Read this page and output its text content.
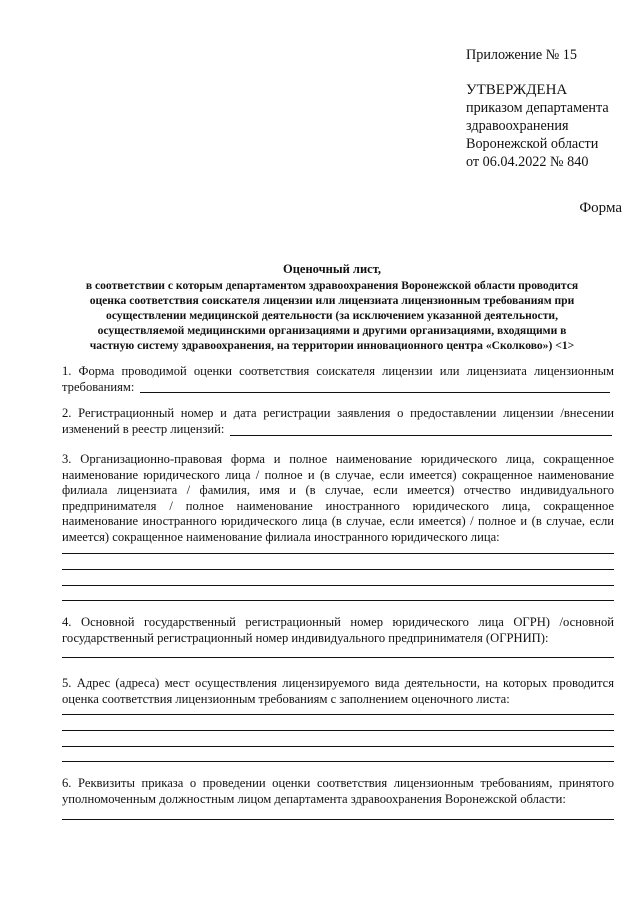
Приложение № 15
УТВЕРЖДЕНА
приказом департамента
здравоохранения
Воронежской области
от 06.04.2022 № 840
Форма
Оценочный лист,
в соответствии с которым департаментом здравоохранения Воронежской области проводится
оценка соответствия соискателя лицензии или лицензиата лицензионным требованиям при
осуществлении медицинской деятельности (за исключением указанной деятельности,
осуществляемой медицинскими организациями и другими организациями, входящими в
частную систему здравоохранения, на территории инновационного центра «Сколково») <1>

1. Форма проводимой оценки соответствия соискателя лицензии или лицензиата лицензионным требованиям:

2. Регистрационный номер и дата регистрации заявления о предоставлении лицензии /внесении изменений в реестр лицензий:

3. Организационно-правовая форма и полное наименование юридического лица, сокращенное наименование юридического лица / полное и (в случае, если имеется) сокращенное наименование филиала лицензиата / фамилия, имя и (в случае, если имеется) отчество индивидуального предпринимателя / полное наименование иностранного юридического лица, сокращенное наименование иностранного юридического лица (в случае, если имеется) / полное и (в случае, если имеется) сокращенное наименование филиала иностранного юридического лица:

4. Основной государственный регистрационный номер юридического лица ОГРН) /основной государственный регистрационный номер индивидуального предпринимателя (ОГРНИП):

5. Адрес (адреса) мест осуществления лицензируемого вида деятельности, на которых проводится оценка соответствия лицензионным требованиям с заполнением оценочного листа:

6. Реквизиты приказа о проведении оценки соответствия лицензионным требованиям, принятого уполномоченным должностным лицом департамента здравоохранения Воронежской области:
